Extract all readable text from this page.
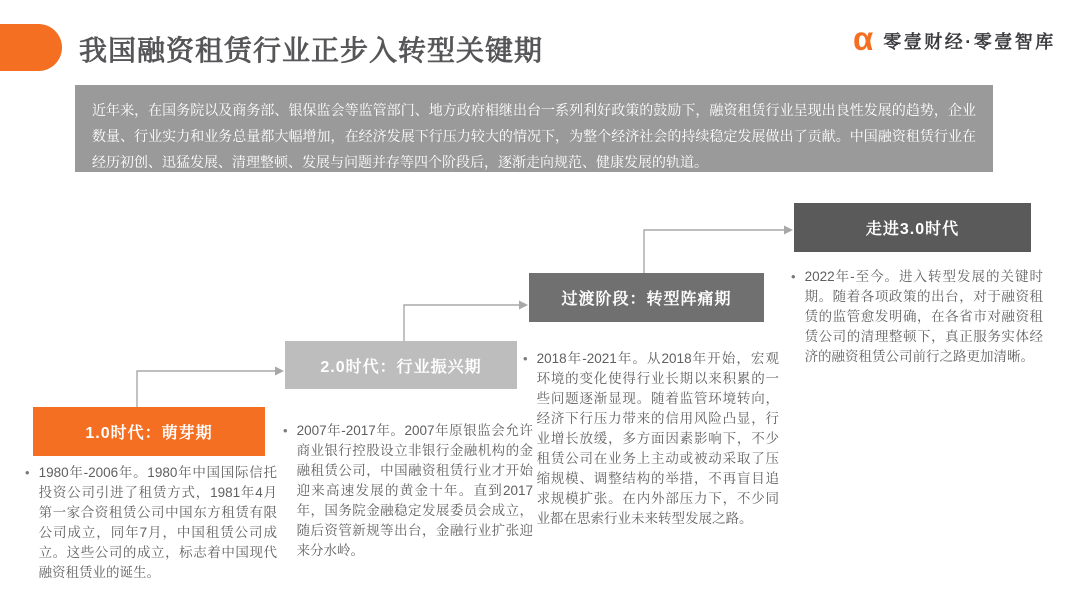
我国融资租赁行业正步入转型关键期	α 零壹财经·零壹智库
近年来，在国务院以及商务部、银保监会等监管部门、地方政府相继出台一系列利好政策的鼓励下，融资租赁行业呈现出良性发展的趋势，企业数量、行业实力和业务总量都大幅增加，在经济发展下行压力较大的情况下，为整个经济社会的持续稳定发展做出了贡献。中国融资租赁行业在经历初创、迅猛发展、清理整顿、发展与问题并存等四个阶段后，逐渐走向规范、健康发展的轨道。
1.0时代：萌芽期
2.0时代：行业振兴期
过渡阶段：转型阵痛期
走进3.0时代
• 1980年-2006年。1980年中国国际信托投资公司引进了租赁方式，1981年4月第一家合资租赁公司中国东方租赁有限公司成立，同年7月，中国租赁公司成立。这些公司的成立，标志着中国现代融资租赁业的诞生。

• 2007年-2017年。2007年原银监会允许商业银行控股设立非银行金融机构的金融租赁公司，中国融资租赁行业才开始迎来高速发展的黄金十年。直到2017年，国务院金融稳定发展委员会成立，随后资管新规等出台，金融行业扩张迎来分水岭。

• 2018年-2021年。从2018年开始，宏观环境的变化使得行业长期以来积累的一些问题逐渐显现。随着监管环境转向，经济下行压力带来的信用风险凸显，行业增长放缓，多方面因素影响下，不少租赁公司在业务上主动或被动采取了压缩规模、调整结构的举措，不再盲目追求规模扩张。在内外部压力下，不少同业都在思索行业未来转型发展之路。

• 2022年-至今。进入转型发展的关键时期。随着各项政策的出台，对于融资租赁的监管愈发明确，在各省市对融资租赁公司的清理整顿下，真正服务实体经济的融资租赁公司前行之路更加清晰。
